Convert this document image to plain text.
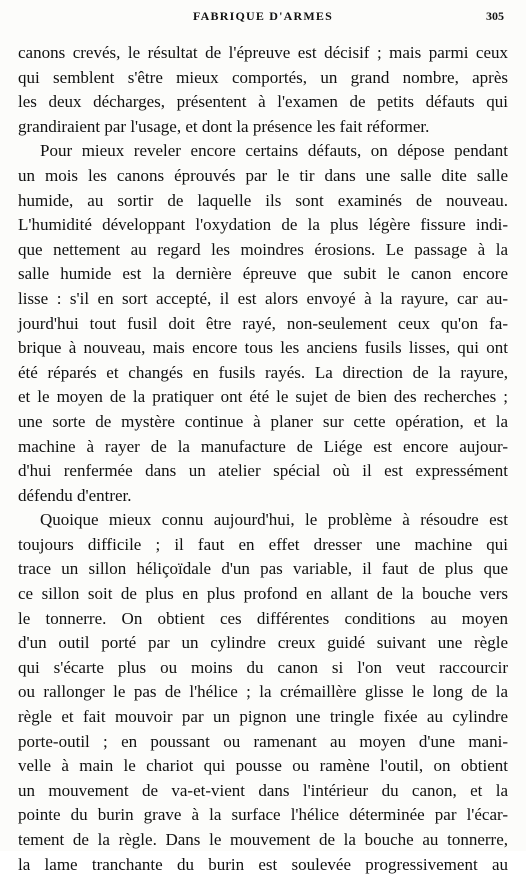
FABRIQUE D'ARMES	305
canons crevés, le résultat de l'épreuve est décisif ; mais parmi ceux
qui semblent s'être mieux comportés, un grand nombre, après
les deux décharges, présentent à l'examen de petits défauts qui
grandiraient par l'usage, et dont la présence les fait réformer.
Pour mieux reveler encore certains défauts, on dépose pendant
un mois les canons éprouvés par le tir dans une salle dite salle
humide, au sortir de laquelle ils sont examinés de nouveau.
L'humidité développant l'oxydation de la plus légère fissure indi-
que nettement au regard les moindres érosions. Le passage à la
salle humide est la dernière épreuve que subit le canon encore
lisse : s'il en sort accepté, il est alors envoyé à la rayure, car au-
jourd'hui tout fusil doit être rayé, non-seulement ceux qu'on fa-
brique à nouveau, mais encore tous les anciens fusils lisses, qui ont
été réparés et changés en fusils rayés. La direction de la rayure,
et le moyen de la pratiquer ont été le sujet de bien des recherches ;
une sorte de mystère continue à planer sur cette opération, et la
machine à rayer de la manufacture de Liége est encore aujour-
d'hui renfermée dans un atelier spécial où il est expressément
défendu d'entrer.
Quoique mieux connu aujourd'hui, le problème à résoudre est
toujours difficile ; il faut en effet dresser une machine qui
trace un sillon héliçoïdale d'un pas variable, il faut de plus que
ce sillon soit de plus en plus profond en allant de la bouche vers
le tonnerre. On obtient ces différentes conditions au moyen
d'un outil porté par un cylindre creux guidé suivant une règle
qui s'écarte plus ou moins du canon si l'on veut raccourcir
ou rallonger le pas de l'hélice ; la crémaillère glisse le long de la
règle et fait mouvoir par un pignon une tringle fixée au cylindre
porte-outil ; en poussant ou ramenant au moyen d'une mani-
velle à main le chariot qui pousse ou ramène l'outil, on obtient
un mouvement de va-et-vient dans l'intérieur du canon, et la
pointe du burin grave à la surface l'hélice déterminée par l'écar-
tement de la règle. Dans le mouvement de la bouche au tonnerre,
la lame tranchante du burin est soulevée progressivement au
